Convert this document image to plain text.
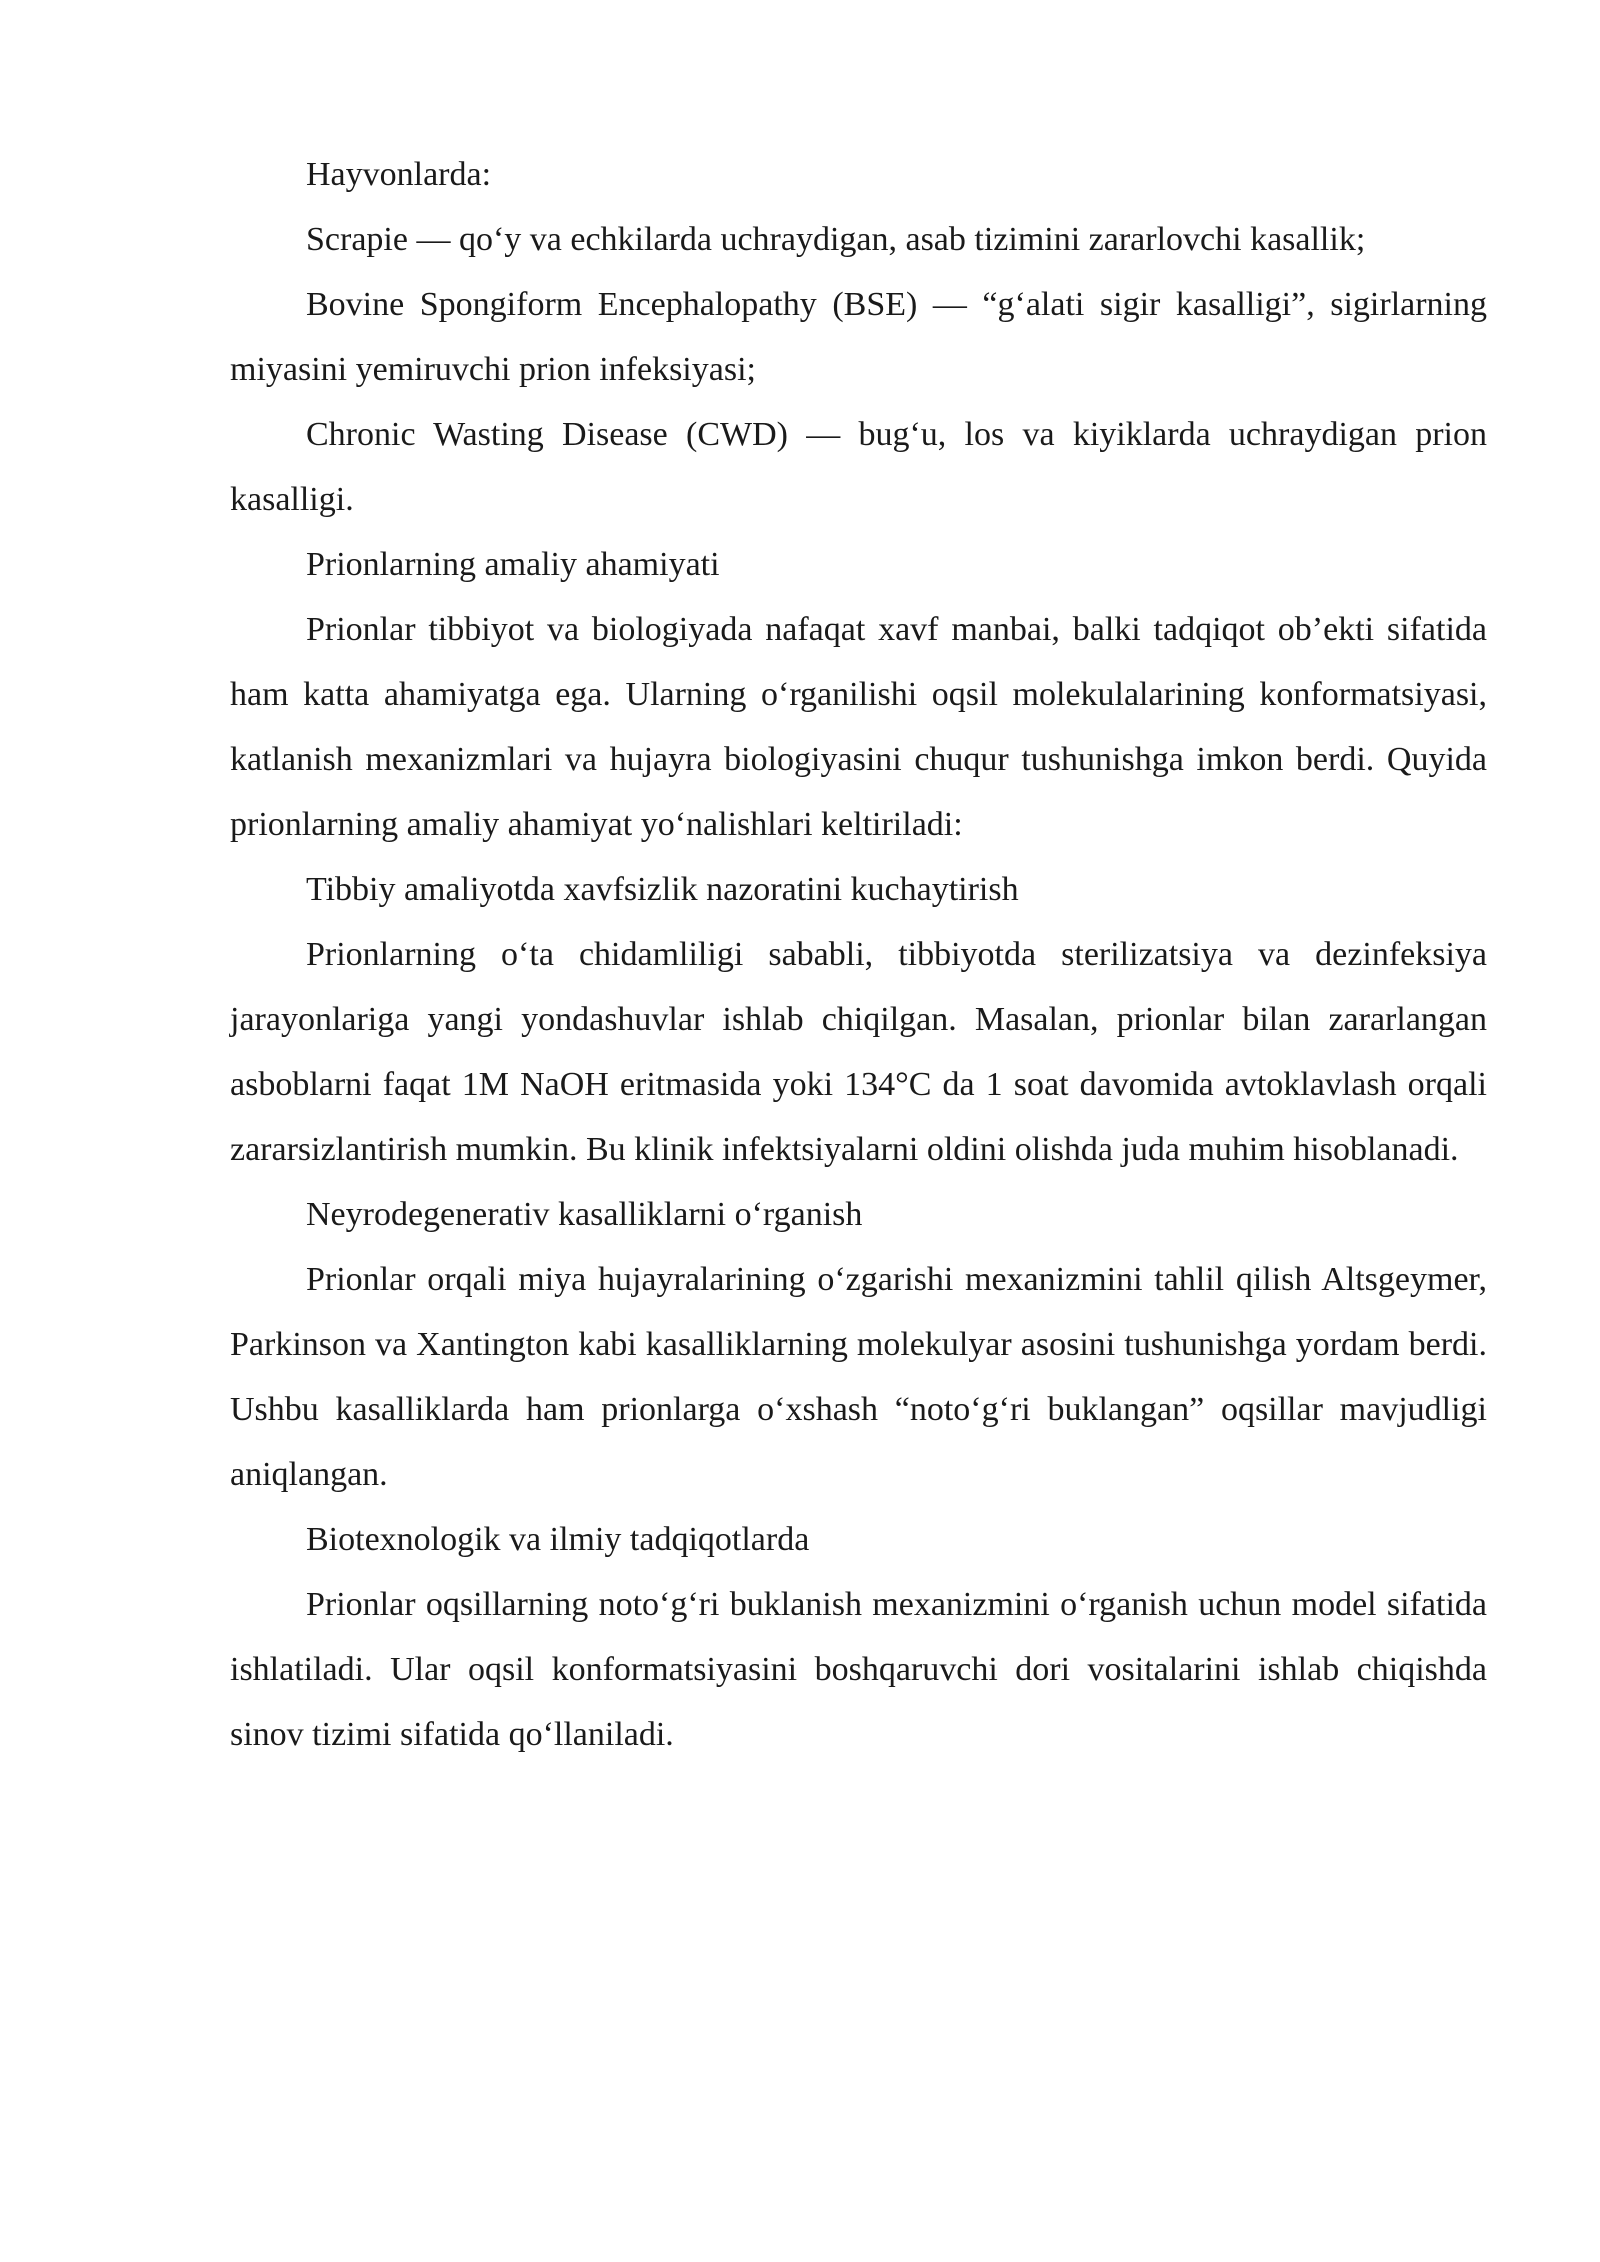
Hayvonlarda:

Scrapie — qo‘y va echkilarda uchraydigan, asab tizimini zararlovchi kasallik;

Bovine Spongiform Encephalopathy (BSE) — “g‘alati sigir kasalligi”, sigirlarning miyasini yemiruvchi prion infeksiyasi;

Chronic Wasting Disease (CWD) — bug‘u, los va kiyiklarda uchraydigan prion kasalligi.

Prionlarning amaliy ahamiyati

Prionlar tibbiyot va biologiyada nafaqat xavf manbai, balki tadqiqot ob’ekti sifatida ham katta ahamiyatga ega. Ularning o‘rganilishi oqsil molekulalarining konformatsiyasi, katlanish mexanizmlari va hujayra biologiyasini chuqur tushunishga imkon berdi. Quyida prionlarning amaliy ahamiyat yo‘nalishlari keltiriladi:

Tibbiy amaliyotda xavfsizlik nazoratini kuchaytirish

Prionlarning o‘ta chidamliligi sababli, tibbiyotda sterilizatsiya va dezinfeksiya jarayonlariga yangi yondashuvlar ishlab chiqilgan. Masalan, prionlar bilan zararlangan asboblarni faqat 1M NaOH eritmasida yoki 134°C da 1 soat davomida avtoklavlash orqali zararsizlantirish mumkin. Bu klinik infektsiyalarni oldini olishda juda muhim hisoblanadi.

Neyrodegenerativ kasalliklarni o‘rganish

Prionlar orqali miya hujayralarining o‘zgarishi mexanizmini tahlil qilish Altsgeymer, Parkinson va Xantington kabi kasalliklarning molekulyar asosini tushunishga yordam berdi. Ushbu kasalliklarda ham prionlarga o‘xshash “noto‘g‘ri buklangan” oqsillar mavjudligi aniqlangan.

Biotexnologik va ilmiy tadqiqotlarda

Prionlar oqsillarning noto‘g‘ri buklanish mexanizmini o‘rganish uchun model sifatida ishlatiladi. Ular oqsil konformatsiyasini boshqaruvchi dori vositalarini ishlab chiqishda sinov tizimi sifatida qo‘llaniladi.
